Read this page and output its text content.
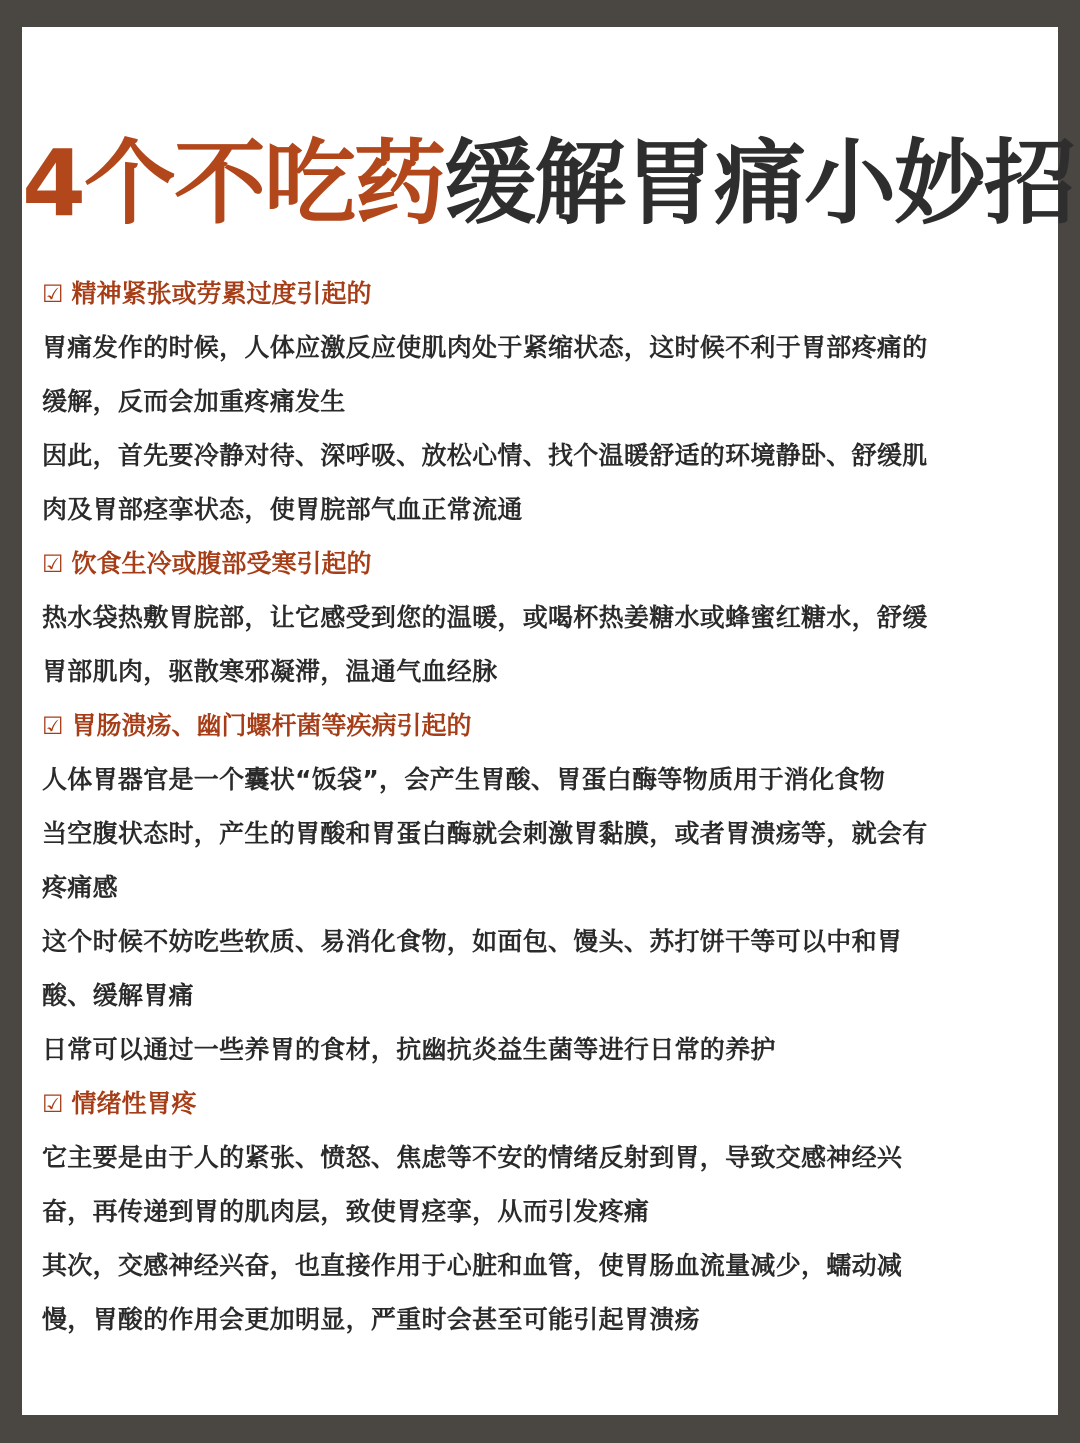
4个不吃药缓解胃痛小妙招
☑ 精神紧张或劳累过度引起的
胃痛发作的时候，人体应激反应使肌肉处于紧缩状态，这时候不利于胃部疼痛的
缓解，反而会加重疼痛发生
因此，首先要冷静对待、深呼吸、放松心情、找个温暖舒适的环境静卧、舒缓肌
肉及胃部痉挛状态，使胃脘部气血正常流通
☑ 饮食生冷或腹部受寒引起的
热水袋热敷胃脘部，让它感受到您的温暖，或喝杯热姜糖水或蜂蜜红糖水，舒缓
胃部肌肉，驱散寒邪凝滞，温通气血经脉
☑ 胃肠溃疡、幽门螺杆菌等疾病引起的
人体胃器官是一个囊状“饭袋”，会产生胃酸、胃蛋白酶等物质用于消化食物
当空腹状态时，产生的胃酸和胃蛋白酶就会刺激胃黏膜，或者胃溃疡等，就会有
疼痛感
这个时候不妨吃些软质、易消化食物，如面包、馒头、苏打饼干等可以中和胃
酸、缓解胃痛
日常可以通过一些养胃的食材，抗幽抗炎益生菌等进行日常的养护
☑ 情绪性胃疼
它主要是由于人的紧张、愤怒、焦虑等不安的情绪反射到胃，导致交感神经兴
奋，再传递到胃的肌肉层，致使胃痉挛，从而引发疼痛
其次，交感神经兴奋，也直接作用于心脏和血管，使胃肠血流量减少，蠕动减
慢，胃酸的作用会更加明显，严重时会甚至可能引起胃溃疡
